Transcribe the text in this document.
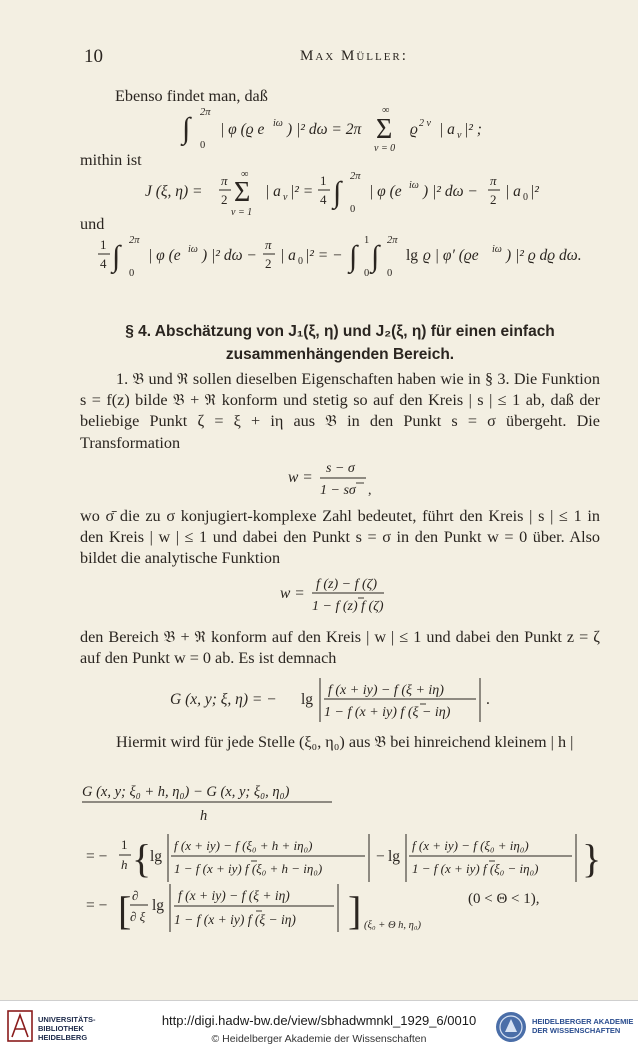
10	Max Müller:
Ebenso findet man, daß
∫ 2π
0
| φ (ϱ e iω ) |² dω = 2π
∞
Σ
ν = 0
ϱ 2 ν | a ν |² ;
mithin ist
J (ξ, η) =
π
2
∞
Σ
ν = 1
| a ν |² =
1
4 ∫ 2π
0
| φ (e iω ) |² dω −
π
2 | a 0 |²
und
1
4 ∫ 2π
0
| φ (e iω ) |² dω −
π
2 | a 0 |² = − ∫ 1
0
∫ 2π
0
lg ϱ | φ′ (ϱe iω ) |² ϱ dϱ dω.
§ 4. Abschätzung von J₁(ξ, η) und J₂(ξ, η) für einen einfach
zusammenhängenden Bereich.
1. 𝔅 und ℜ sollen dieselben Eigenschaften haben wie in § 3. Die Funktion s = f(z) bilde 𝔅 + ℜ konform und stetig so auf den Kreis | s | ≤ 1 ab, daß der beliebige Punkt ζ = ξ + iη aus 𝔅 in den Punkt s = σ übergeht. Die Transformation
w =
s − σ
1 − sσ ,
wo σ̄ die zu σ konjugiert-komplexe Zahl bedeutet, führt den Kreis | s | ≤ 1 in den Kreis | w | ≤ 1 und dabei den Punkt s = σ in den Punkt w = 0 über. Also bildet die analytische Funktion
w =
f (z) − f (ζ)
1 − f (z) f (ζ)
den Bereich 𝔅 + ℜ konform auf den Kreis | w | ≤ 1 und dabei den Punkt z = ζ auf den Punkt w = 0 ab. Es ist demnach
G (x, y; ξ, η) = − lg
f (x + iy) − f (ξ + iη)
1 − f (x + iy) f (ξ − iη)
.
Hiermit wird für jede Stelle (ξ₀, η₀) aus 𝔅 bei hinreichend kleinem | h |
G (x, y; ξ₀ + h, η₀) − G (x, y; ξ₀, η₀)
h
= −
1
h {
lg
f (x + iy) − f (ξ₀ + h + iη₀)
1 − f (x + iy) f (ξ₀ + h − iη₀)
− lg
f (x + iy) − f (ξ₀ + iη₀)
1 − f (x + iy) f (ξ₀ − iη₀) }
= − [ ∂
∂ ξ
lg
f (x + iy) − f (ξ + iη)
1 − f (x + iy) f (ξ − iη) ] (ξ₀ + Θ h, η₀)
(0 < Θ < 1),
UNIVERSITÄTS-
BIBLIOTHEK
HEIDELBERG
http://digi.hadw-bw.de/view/sbhadwmnkl_1929_6/0010
© Heidelberger Akademie der Wissenschaften
HEIDELBERGER AKADEMIE
DER WISSENSCHAFTEN
